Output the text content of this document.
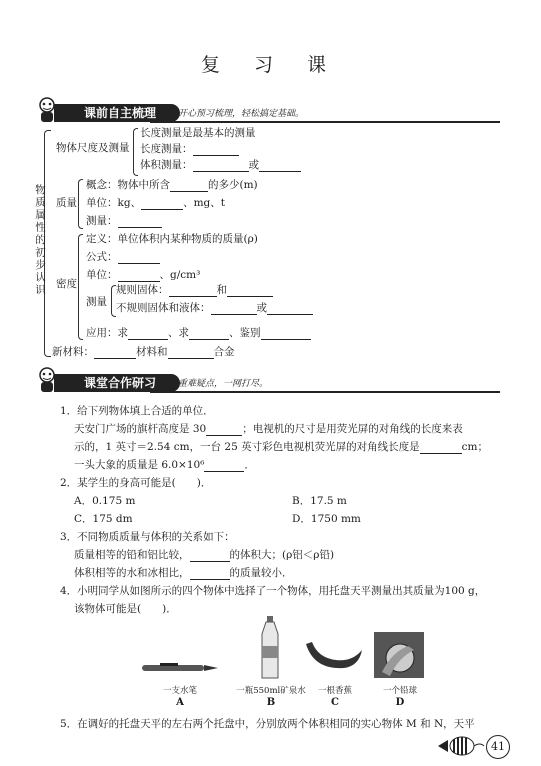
复 习 课
课前自主梳理	开心预习梳理，轻松搞定基础。
物质属性的初步认识
物体尺度及测量
长度测量是最基本的测量
长度测量：
体积测量：	或
质量
概念：物体中所含	的多少(m)
单位：kg、	、mg、t
测量：
密度
定义：单位体积内某种物质的质量(ρ)
公式：
单位：	、g/cm³
测量
规则固体：	和
不规则固体和液体：	或
应用：求	、求	、鉴别
新材料：	材料和	合金
课堂合作研习	重难疑点，一网打尽。
1．给下列物体填上合适的单位．
天安门广场的旗杆高度是 30	；电视机的尺寸是用荧光屏的对角线的长度来表
示的，1 英寸＝2.54 cm，一台 25 英寸彩色电视机荧光屏的对角线长度是	cm；
一头大象的质量是 6.0×10⁶	．
2．某学生的身高可能是(　　)．
A．0.175 m	B．17.5 m
C．175 dm	D．1750 mm
3．不同物质质量与体积的关系如下：
质量相等的铅和铝比较，	的体积大；(ρ铝＜ρ铅)
体积相等的水和冰相比，	的质量较小．
4．小明同学从如图所示的四个物体中选择了一个物体，用托盘天平测量出其质量为100 g，
该物体可能是(　　)．
一支水笔	一瓶550ml矿泉水	一根香蕉	一个铅球
A	B	C	D
5．在调好的托盘天平的左右两个托盘中，分别放两个体积相同的实心物体 M 和 N，天平
41
